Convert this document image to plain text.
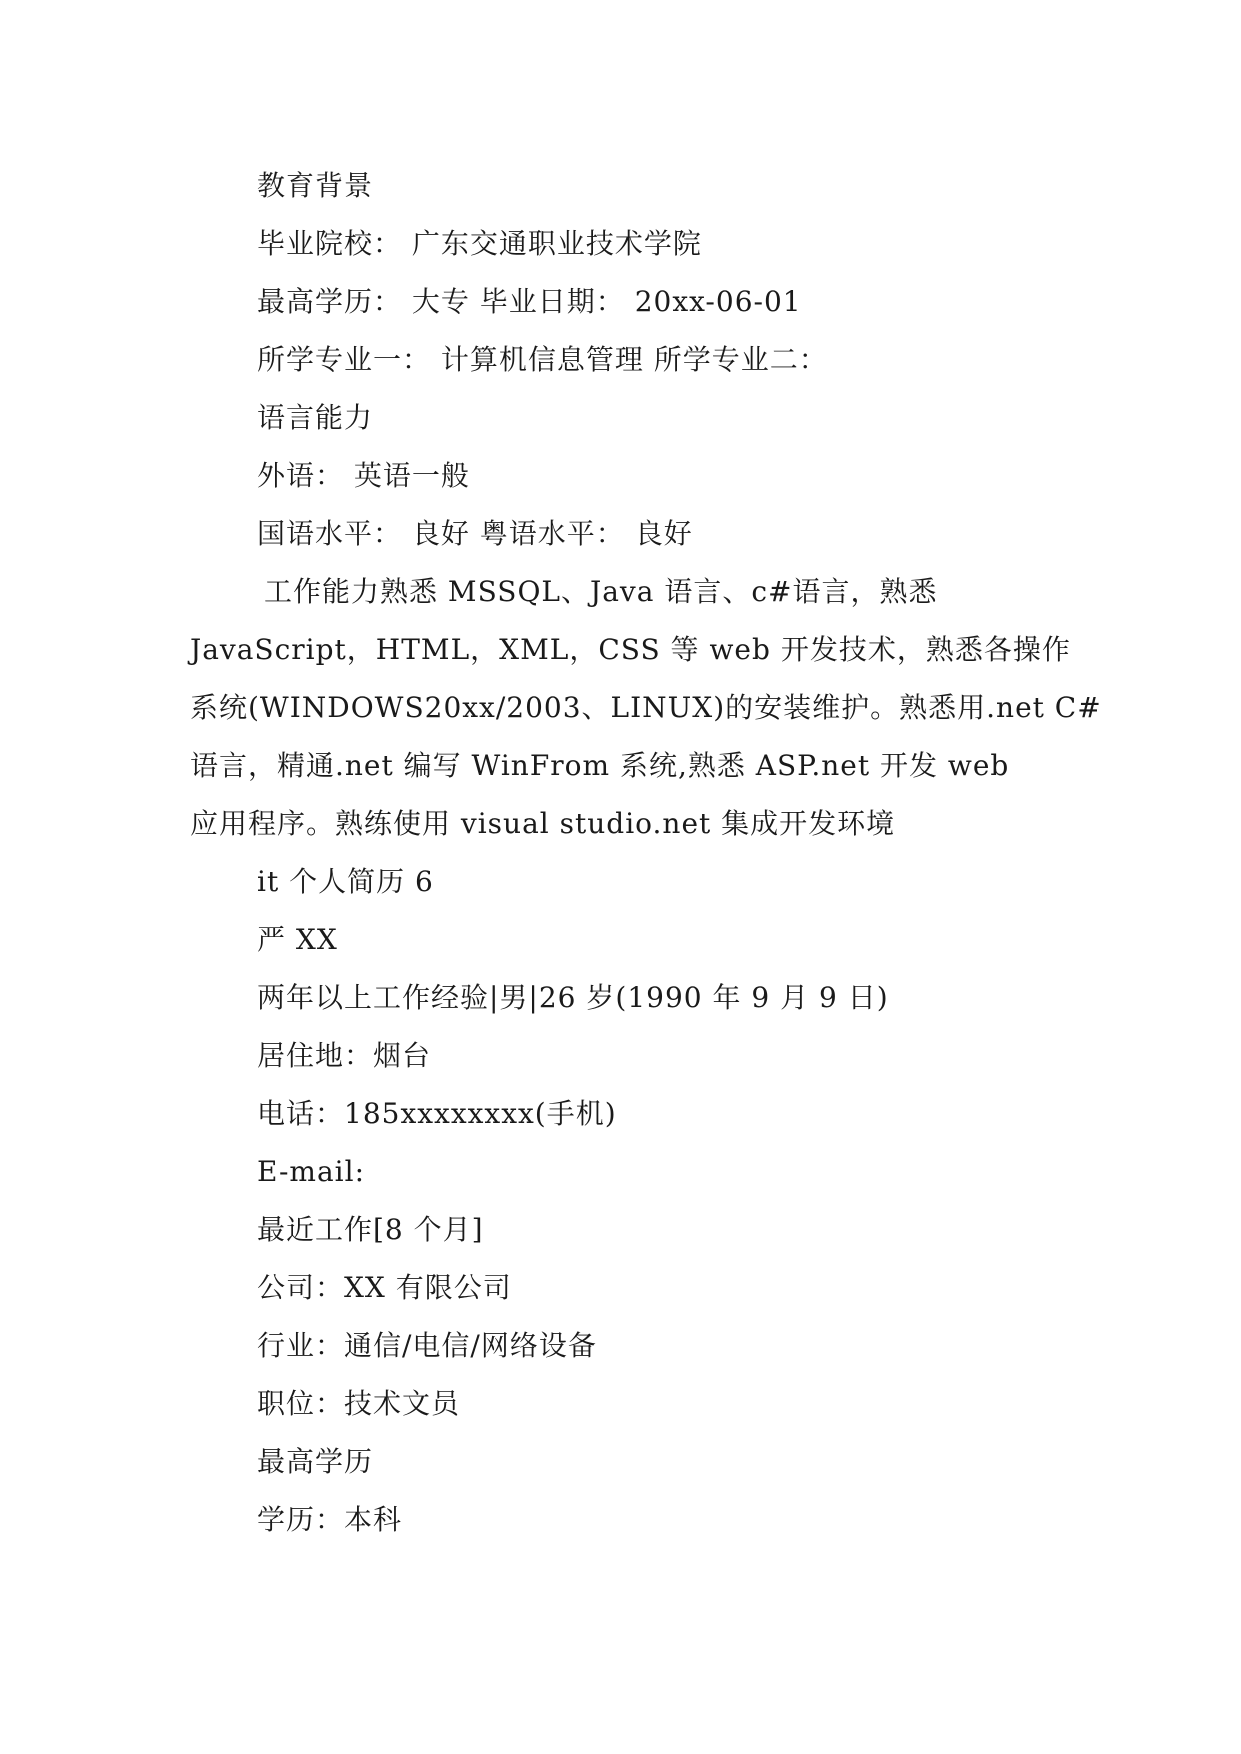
教育背景
毕业院校： 广东交通职业技术学院
最高学历： 大专 毕业日期： 20xx-06-01
所学专业一： 计算机信息管理 所学专业二：
语言能力
外语： 英语一般
国语水平： 良好 粤语水平： 良好
工作能力熟悉 MSSQL、Java 语言、c#语言，熟悉
JavaScript，HTML，XML，CSS 等 web 开发技术，熟悉各操作
系统(WINDOWS20xx/2003、LINUX)的安装维护。熟悉用.net C#
语言，精通.net 编写 WinFrom 系统,熟悉 ASP.net 开发 web
应用程序。熟练使用 visual studio.net 集成开发环境
it 个人简历 6
严 XX
两年以上工作经验|男|26 岁(1990 年 9 月 9 日)
居住地：烟台
电话：185xxxxxxxx(手机)
E-mail:
最近工作[8 个月]
公司：XX 有限公司
行业：通信/电信/网络设备
职位：技术文员
最高学历
学历：本科
